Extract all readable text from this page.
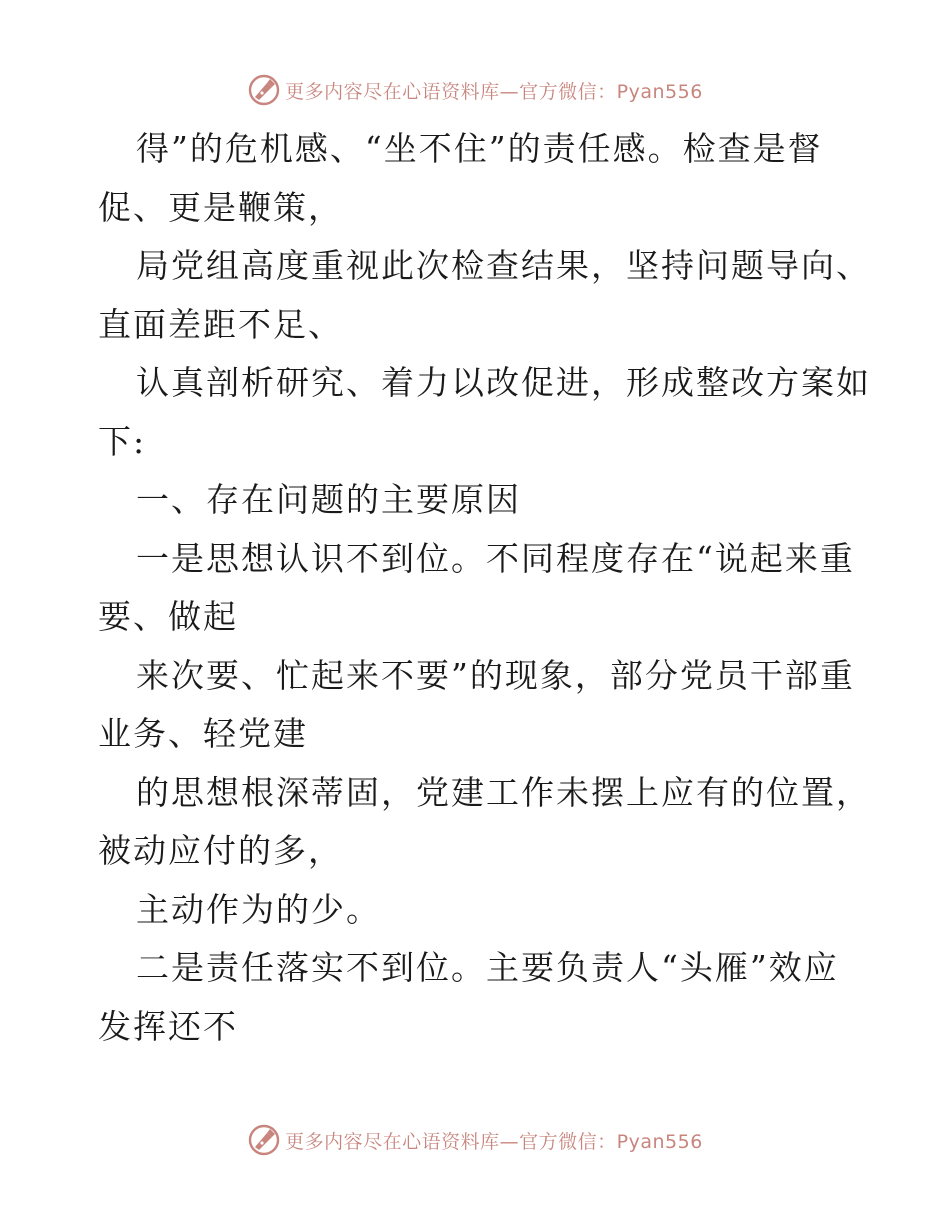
更多内容尽在心语资料库—官方微信：Pyan556
得”的危机感、“坐不住”的责任感。检查是督
促、更是鞭策，
局党组高度重视此次检查结果，坚持问题导向、
直面差距不足、
认真剖析研究、着力以改促进，形成整改方案如
下:
一、存在问题的主要原因
一是思想认识不到位。不同程度存在“说起来重
要、做起
来次要、忙起来不要”的现象，部分党员干部重
业务、轻党建
的思想根深蒂固，党建工作未摆上应有的位置，
被动应付的多，
主动作为的少。
二是责任落实不到位。主要负责人“头雁”效应
发挥还不
更多内容尽在心语资料库—官方微信：Pyan556
